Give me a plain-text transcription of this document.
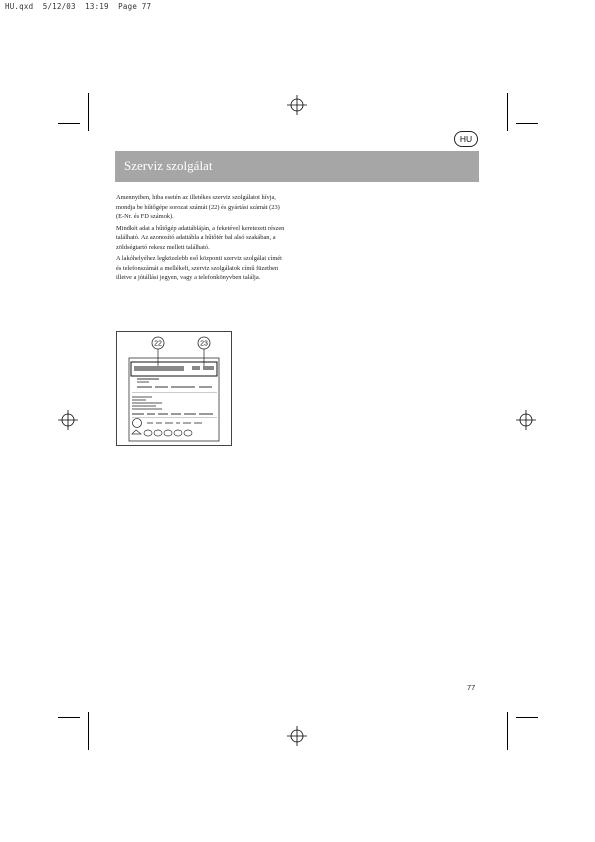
HU.qxd  5/12/03  13:19  Page 77
HU
Szerviz szolgálat

Amennyiben, hiba esetén az illetékes szerviz szolgálatot hívja, mondja be hűtőgépe sorozat számát (22) és gyártási számát (23) (E-Nr. és FD számok).

Mindkét adat a hűtőgép adattábláján, a feketével keretezett részen található. Az azonosító adattábla a hűtőtér bal alsó szakában, a zöldségtartó rekesz mellett található.

A lakóhelyéhez legközelebb eső központi szerviz szolgálat címét és telefonszámát a mellékelt, szerviz szolgálatok című füzetben illetve a jótállási jegyen, vagy a telefonkönyvben találja.

22	23
77
